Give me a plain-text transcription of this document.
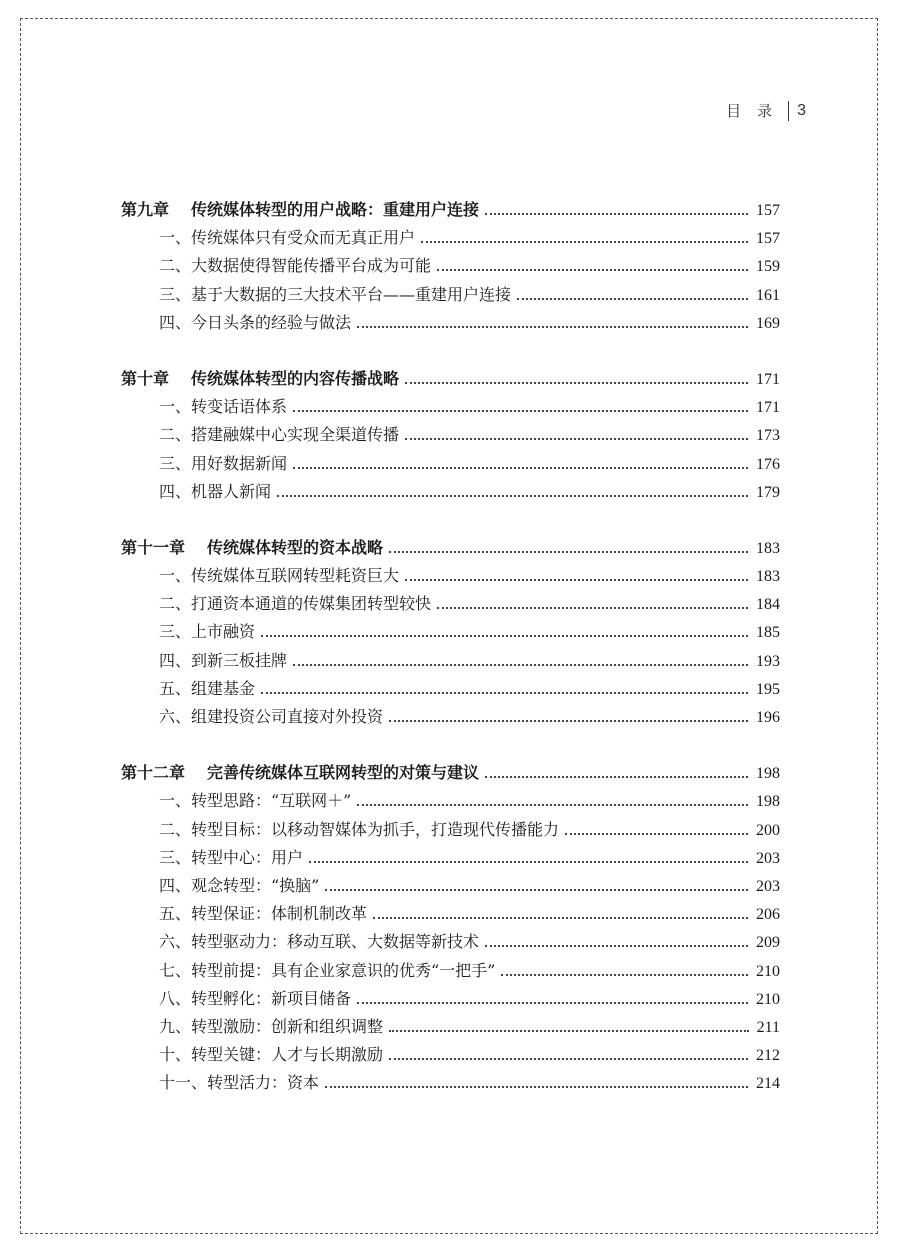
目录 3
第九章 传统媒体转型的用户战略：重建用户连接	157
一、传统媒体只有受众而无真正用户	157
二、大数据使得智能传播平台成为可能	159
三、基于大数据的三大技术平台——重建用户连接	161
四、今日头条的经验与做法	169
第十章 传统媒体转型的内容传播战略	171
一、转变话语体系	171
二、搭建融媒中心实现全渠道传播	173
三、用好数据新闻	176
四、机器人新闻	179
第十一章 传统媒体转型的资本战略	183
一、传统媒体互联网转型耗资巨大	183
二、打通资本通道的传媒集团转型较快	184
三、上市融资	185
四、到新三板挂牌	193
五、组建基金	195
六、组建投资公司直接对外投资	196
第十二章 完善传统媒体互联网转型的对策与建议	198
一、转型思路：“互联网＋”	198
二、转型目标：以移动智媒体为抓手，打造现代传播能力	200
三、转型中心：用户	203
四、观念转型：“换脑”	203
五、转型保证：体制机制改革	206
六、转型驱动力：移动互联、大数据等新技术	209
七、转型前提：具有企业家意识的优秀“一把手”	210
八、转型孵化：新项目储备	210
九、转型激励：创新和组织调整	211
十、转型关键：人才与长期激励	212
十一、转型活力：资本	214
